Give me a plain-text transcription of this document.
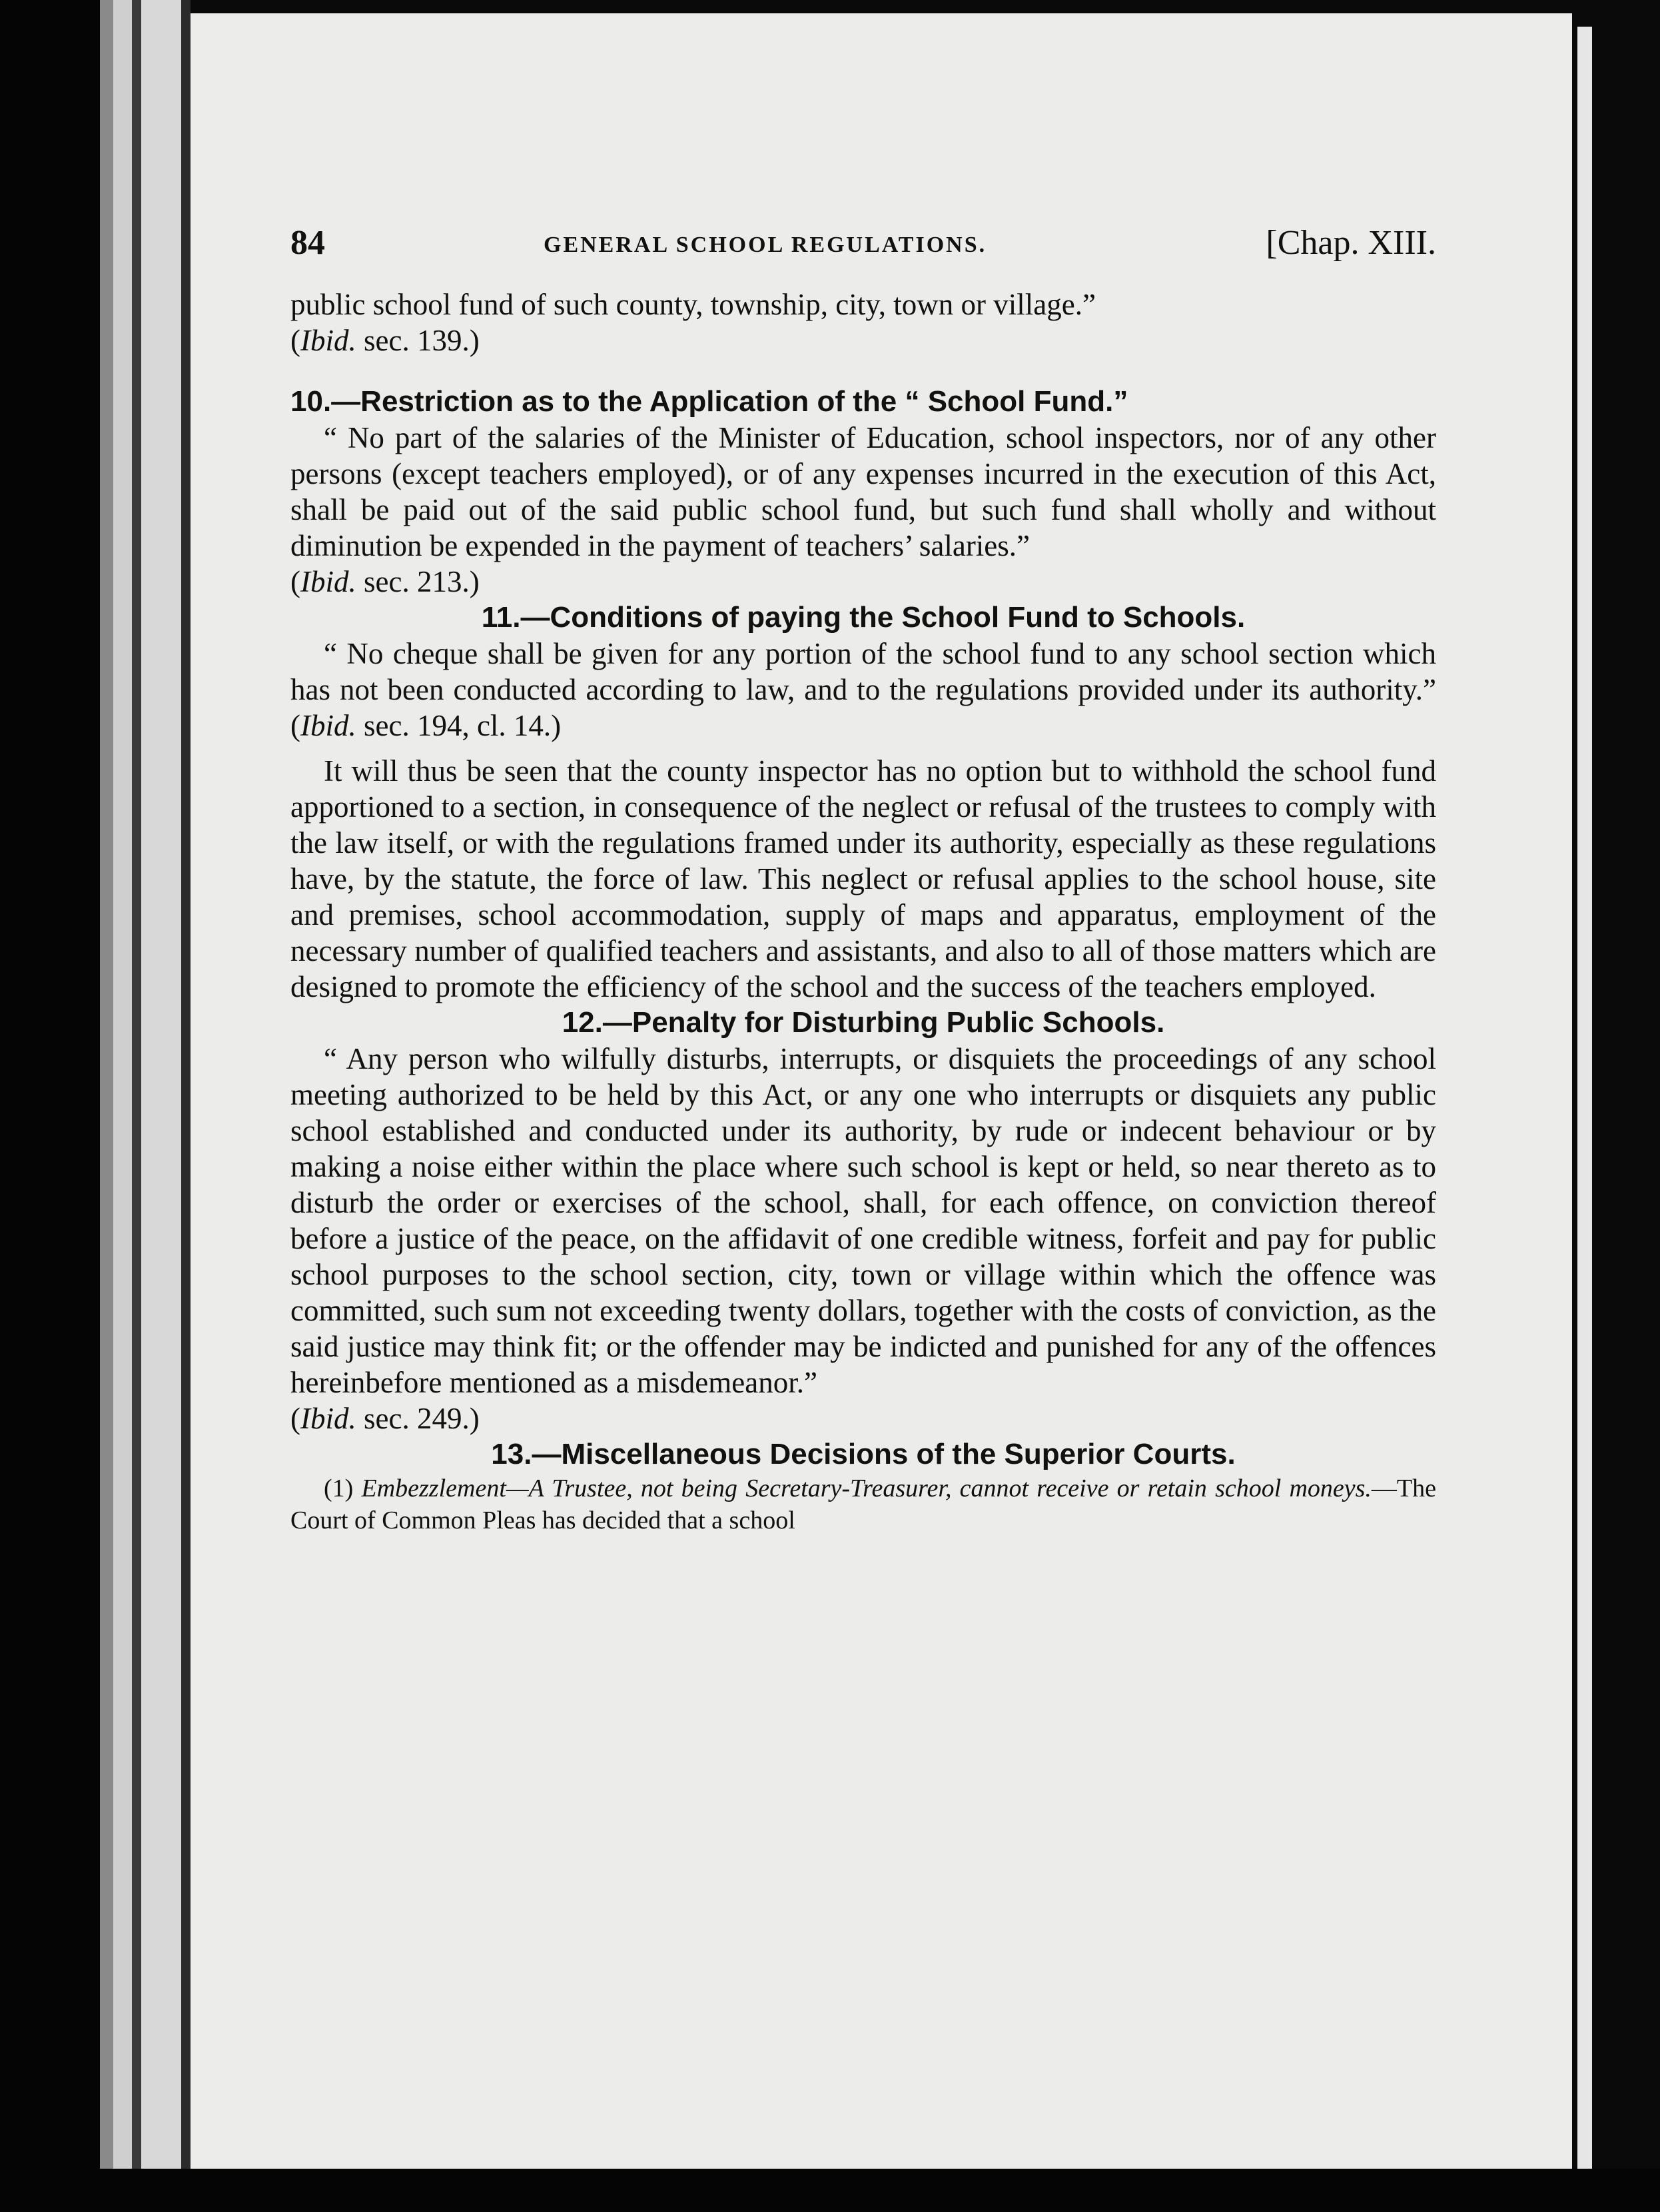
84	GENERAL SCHOOL REGULATIONS.	[Chap. XIII.

public school fund of such county, township, city, town or village.”

(Ibid. sec. 139.)

10.—Restriction as to the Application of the “ School Fund.”

“ No part of the salaries of the Minister of Education, school inspectors, nor of any other persons (except teachers employed), or of any expenses incurred in the execution of this Act, shall be paid out of the said public school fund, but such fund shall wholly and without diminution be expended in the payment of teachers’ salaries.”

(Ibid. sec. 213.)

11.—Conditions of paying the School Fund to Schools.

“ No cheque shall be given for any portion of the school fund to any school section which has not been conducted according to law, and to the regulations provided under its authority.” (Ibid. sec. 194, cl. 14.)

It will thus be seen that the county inspector has no option but to withhold the school fund apportioned to a section, in consequence of the neglect or refusal of the trustees to comply with the law itself, or with the regulations framed under its authority, especially as these regulations have, by the statute, the force of law. This neglect or refusal applies to the school house, site and premises, school accommodation, supply of maps and apparatus, employment of the necessary number of qualified teachers and assistants, and also to all of those matters which are designed to promote the efficiency of the school and the success of the teachers employed.

12.—Penalty for Disturbing Public Schools.

“ Any person who wilfully disturbs, interrupts, or disquiets the proceedings of any school meeting authorized to be held by this Act, or any one who interrupts or disquiets any public school established and conducted under its authority, by rude or indecent behaviour or by making a noise either within the place where such school is kept or held, so near thereto as to disturb the order or exercises of the school, shall, for each offence, on conviction thereof before a justice of the peace, on the affidavit of one credible witness, forfeit and pay for public school purposes to the school section, city, town or village within which the offence was committed, such sum not exceeding twenty dollars, together with the costs of conviction, as the said justice may think fit; or the offender may be indicted and punished for any of the offences hereinbefore mentioned as a misdemeanor.”

(Ibid. sec. 249.)

13.—Miscellaneous Decisions of the Superior Courts.

(1) Embezzlement—A Trustee, not being Secretary-Treasurer, cannot receive or retain school moneys.—The Court of Common Pleas has decided that a school
